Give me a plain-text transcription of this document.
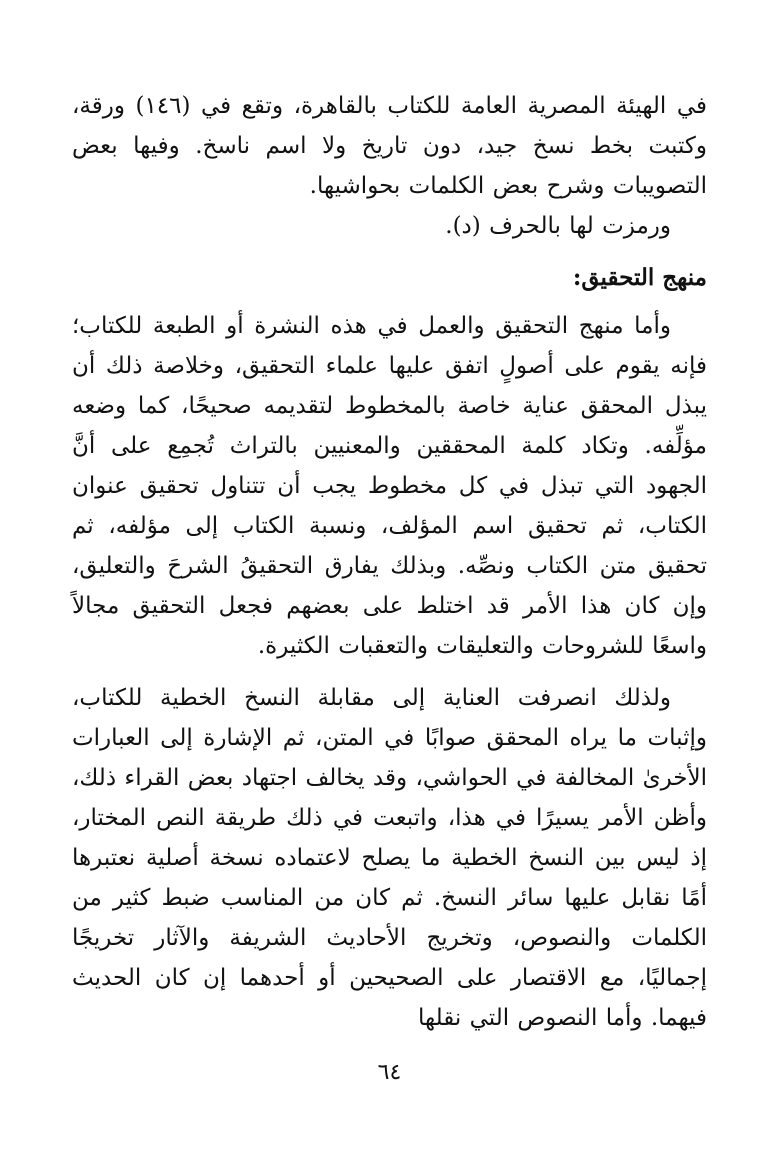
في الهيئة المصرية العامة للكتاب بالقاهرة، وتقع في (١٤٦) ورقة، وكتبت بخط نسخ جيد، دون تاريخ ولا اسم ناسخ. وفيها بعض التصويبات وشرح بعض الكلمات بحواشيها.

ورمزت لها بالحرف (د).

منهج التحقيق:

وأما منهج التحقيق والعمل في هذه النشرة أو الطبعة للكتاب؛ فإنه يقوم على أصولٍ اتفق عليها علماء التحقيق، وخلاصة ذلك أن يبذل المحقق عناية خاصة بالمخطوط لتقديمه صحيحًا، كما وضعه مؤلِّفه. وتكاد كلمة المحققين والمعنيين بالتراث تُجمِع على أنَّ الجهود التي تبذل في كل مخطوط يجب أن تتناول تحقيق عنوان الكتاب، ثم تحقيق اسم المؤلف، ونسبة الكتاب إلى مؤلفه، ثم تحقيق متن الكتاب ونصِّه. وبذلك يفارق التحقيقُ الشرحَ والتعليق، وإن كان هذا الأمر قد اختلط على بعضهم فجعل التحقيق مجالاً واسعًا للشروحات والتعليقات والتعقبات الكثيرة.

ولذلك انصرفت العناية إلى مقابلة النسخ الخطية للكتاب، وإثبات ما يراه المحقق صوابًا في المتن، ثم الإشارة إلى العبارات الأخرىٰ المخالفة في الحواشي، وقد يخالف اجتهاد بعض القراء ذلك، وأظن الأمر يسيرًا في هذا، واتبعت في ذلك طريقة النص المختار، إذ ليس بين النسخ الخطية ما يصلح لاعتماده نسخة أصلية نعتبرها أمًا نقابل عليها سائر النسخ. ثم كان من المناسب ضبط كثير من الكلمات والنصوص، وتخريج الأحاديث الشريفة والآثار تخريجًا إجماليًا، مع الاقتصار على الصحيحين أو أحدهما إن كان الحديث فيهما. وأما النصوص التي نقلها

٦٤
